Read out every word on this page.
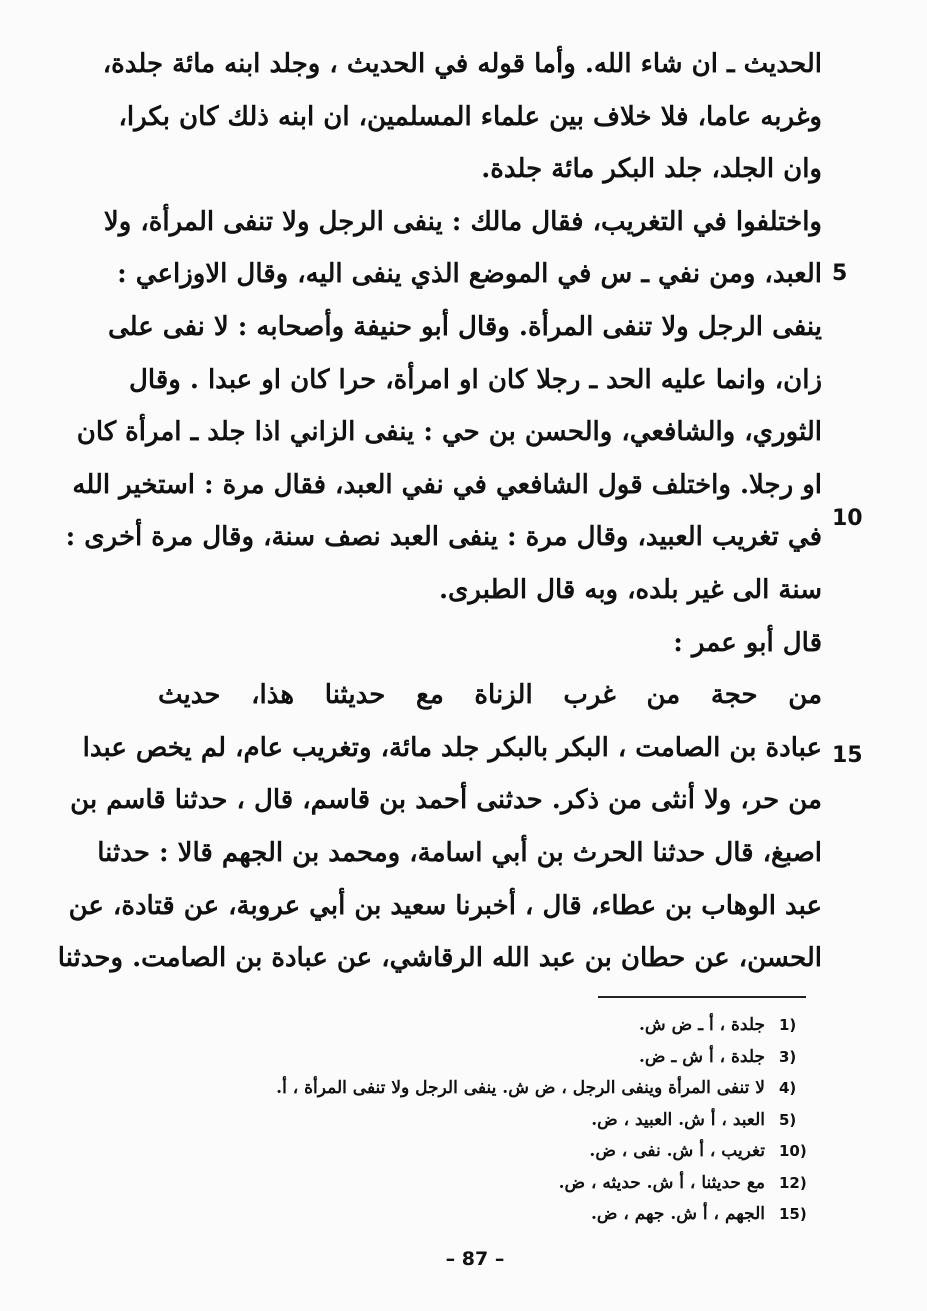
الحديث ـ ان شاء الله. وأما قوله في الحديث ، وجلد ابنه مائة جلدة،
وغربه عاما، فلا خلاف بين علماء المسلمين، ان ابنه ذلك كان بكرا،
وان الجلد، جلد البكر مائة جلدة.
واختلفوا في التغريب، فقال مالك : ينفى الرجل ولا تنفى المرأة، ولا
العبد، ومن نفي ـ س في الموضع الذي ينفى اليه، وقال الاوزاعي :
ينفى الرجل ولا تنفى المرأة. وقال أبو حنيفة وأصحابه : لا نفى على
زان، وانما عليه الحد ـ رجلا كان او امرأة، حرا كان او عبدا . وقال
الثوري، والشافعي، والحسن بن حي : ينفى الزاني اذا جلد ـ امرأة كان
او رجلا. واختلف قول الشافعي في نفي العبد، فقال مرة : استخير الله
في تغريب العبيد، وقال مرة : ينفى العبد نصف سنة، وقال مرة أخرى :
سنة الى غير بلده، وبه قال الطبرى.
قال أبو عمر :
من حجة من غرب الزناة مع حديثنا هذا، حديث
عبادة بن الصامت ، البكر بالبكر جلد مائة، وتغريب عام، لم يخص عبدا
من حر، ولا أنثى من ذكر. حدثنى أحمد بن قاسم، قال ، حدثنا قاسم بن
اصبغ، قال حدثنا الحرث بن أبي اسامة، ومحمد بن الجهم قالا : حدثنا
عبد الوهاب بن عطاء، قال ، أخبرنا سعيد بن أبي عروبة، عن قتادة، عن
الحسن، عن حطان بن عبد الله الرقاشي، عن عبادة بن الصامت. وحدثنا
5
10
15
1)
جلدة ، أ ـ ض ش.
3)
جلدة ، أ ش ـ ض.
4)
لا تنفى المرأة وينفى الرجل ، ض ش. ينفى الرجل ولا تنفى المرأة ، أ.
5)
العبد ، أ ش. العبيد ، ض.
10)
تغريب ، أ ش. نفى ، ض.
12)
مع حديثنا ، أ ش. حديثه ، ض.
15)
الجهم ، أ ش. جهم ، ض.
– 87 –
